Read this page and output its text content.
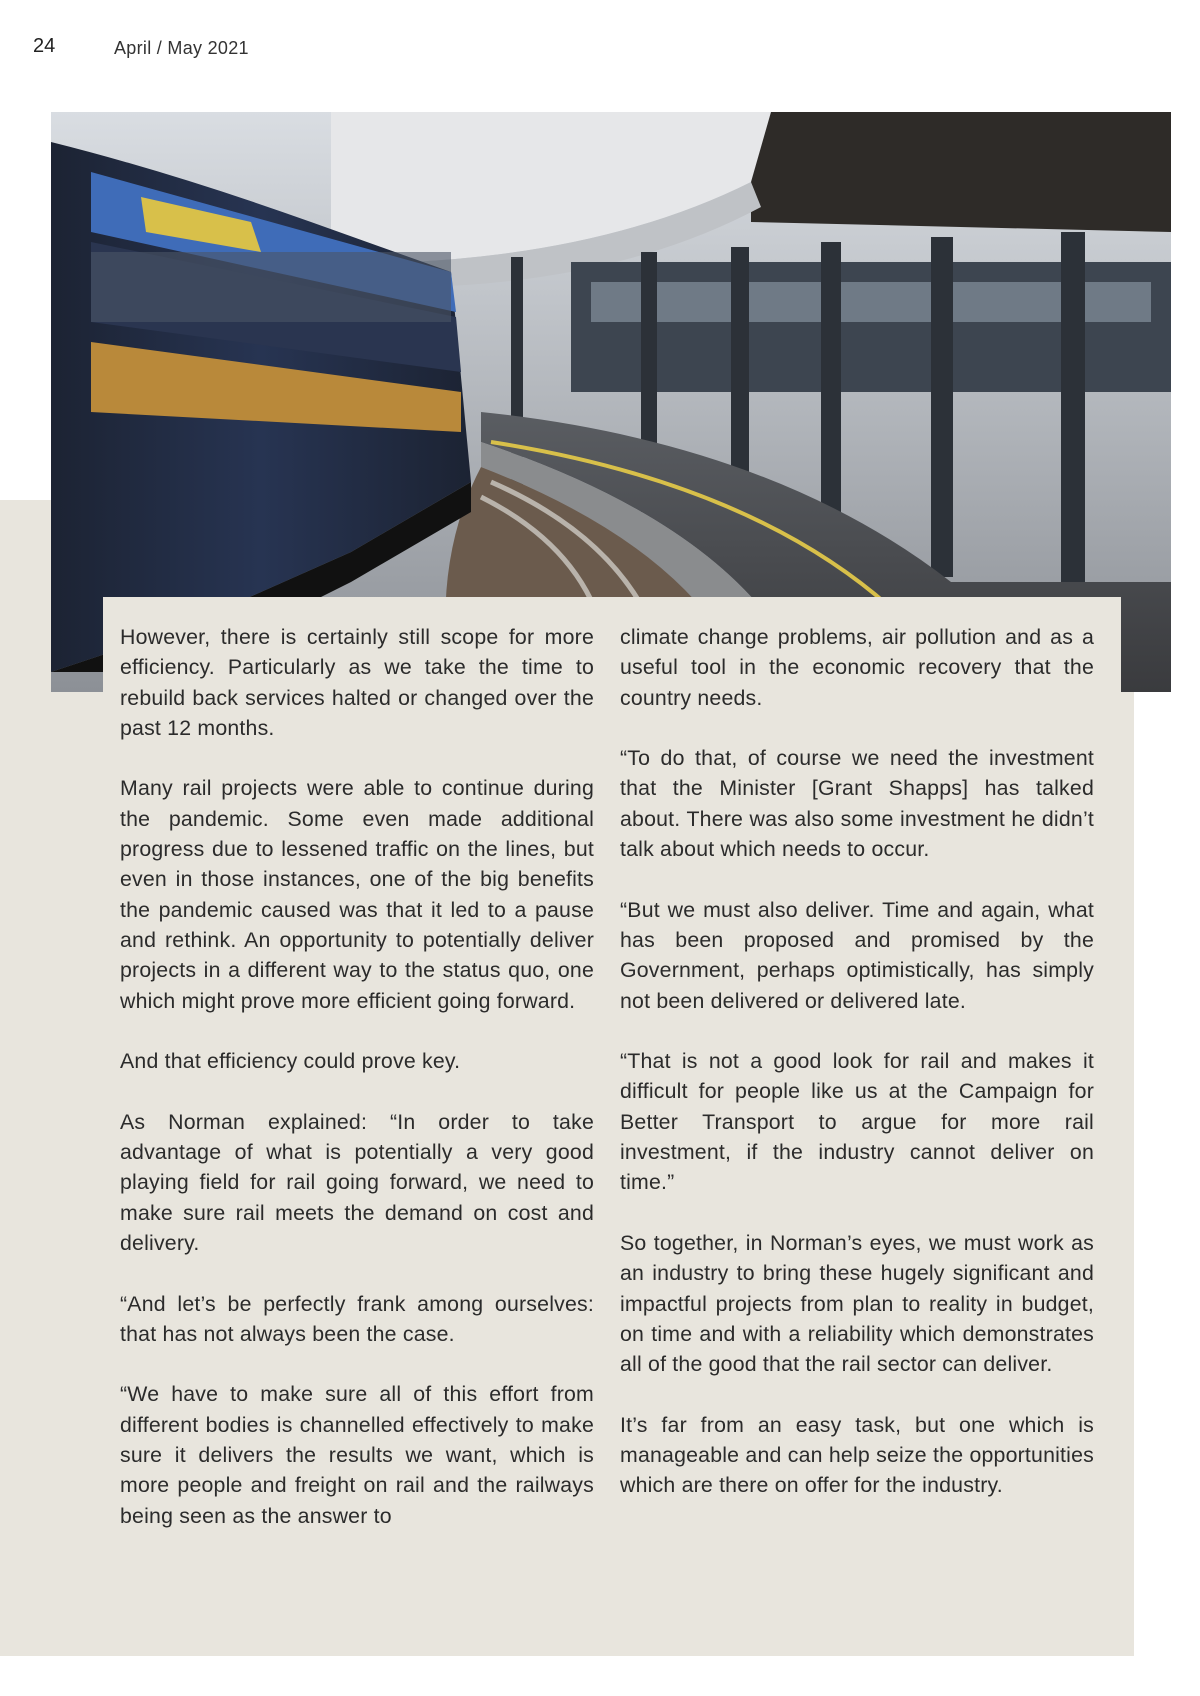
24	April / May 2021

However, there is certainly still scope for more efficiency. Particularly as we take the time to rebuild back services halted or changed over the past 12 months.

Many rail projects were able to continue during the pandemic. Some even made additional progress due to lessened traffic on the lines, but even in those instances, one of the big benefits the pandemic caused was that it led to a pause and rethink. An opportunity to potentially deliver projects in a different way to the status quo, one which might prove more efficient going forward.

And that efficiency could prove key.

As Norman explained: “In order to take advantage of what is potentially a very good playing field for rail going forward, we need to make sure rail meets the demand on cost and delivery.

“And let’s be perfectly frank among ourselves: that has not always been the case.

“We have to make sure all of this effort from different bodies is channelled effectively to make sure it delivers the results we want, which is more people and freight on rail and the railways being seen as the answer to

climate change problems, air pollution and as a useful tool in the economic recovery that the country needs.

“To do that, of course we need the investment that the Minister [Grant Shapps] has talked about. There was also some investment he didn’t talk about which needs to occur.

“But we must also deliver. Time and again, what has been proposed and promised by the Government, perhaps optimistically, has simply not been delivered or delivered late.

“That is not a good look for rail and makes it difficult for people like us at the Campaign for Better Transport to argue for more rail investment, if the industry cannot deliver on time.”

So together, in Norman’s eyes, we must work as an industry to bring these hugely significant and impactful projects from plan to reality in budget, on time and with a reliability which demonstrates all of the good that the rail sector can deliver.

It’s far from an easy task, but one which is manageable and can help seize the opportunities which are there on offer for the industry.
